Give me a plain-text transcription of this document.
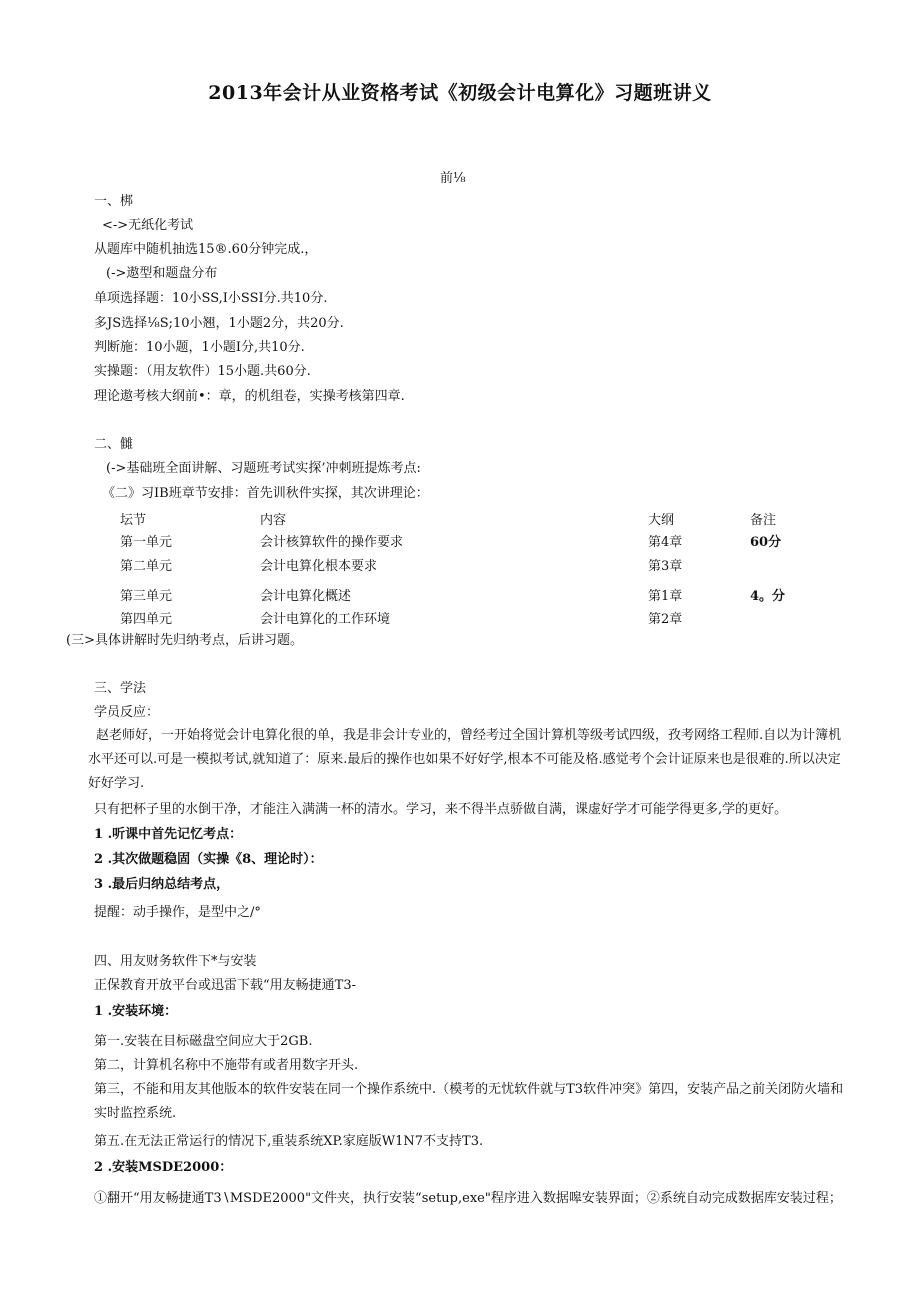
2013年会计从业资格考试《初级会计电算化》习题班讲义
前⅛
一、梆
<->无纸化考试
从题库中随机抽选15®.60分钟完成.，
(->遨型和题盘分布
单项选择题：10小SS,I小SSI分.共10分.
多JS选择⅛S;10小翘，1小题2分，共20分.
判断施：10小题，1小题I分,共10分.
实操题：（用友软件）15小题.共60分.
理论遨考核大纲前•：章，的机组卷，实操考核第四章.
二、雠
(->基础班全面讲解、习题班考试实探’冲刺班提炼考点:
《二》习IB班章节安排：首先训秋件实探，其次讲理论：
坛节	内容	大纲	备注
第一单元	会计核算软件的操作要求	第4章	60分
第二单元	会计电算化根本要求	第3章
第三单元	会计电算化概述	第1章	4。分
第四单元	会计电算化的工作环境	第2章
(三>具体讲解时先归纳考点，后讲习题。
三、学法
学员反应：
赵老师好，一开始将觉会计电算化很的单，我是非会计专业的，曾经考过全国计算机等级考试四级，孜考网络工程师.自以为计簿机水平还可以.可是一模拟考试,就知道了：原来.最后的操作也如果不好好学,根本不可能及格.感觉考个会计证原来也是很难的.所以决定好好学习.
只有把杯子里的水倒干净，才能注入满满一杯的清水。学习，来不得半点骄做自满，课虚好学才可能学得更多,学的更好。
1 .听课中首先记忆考点：
2 .其次做题稳固（实操《8、理论时）：
3 .最后归纳总结考点，
提醒：动手操作，是型中之/°
四、用友财务软件下*与安装
正保教育开放平台或迅雷下载“用友畅捷通T3-
1 .安装环境：
第一.安装在目标磁盘空间应大于2GB.
第二，计算机名称中不施带有或者用数字开头.
第三，不能和用友其他版本的软件安装在同一个操作系统中.（模考的无忧软件就与T3软件冲突》第四，安装产品之前关闭防火墙和实时监控系统.
第五.在无法正常运行的情况下,重装系统XP.家庭版W1N7不支持T3.
2 .安装MSDE2000：
①翻开“用友畅捷通T3∖MSDE2000"文件夹，执行安装“setup,exe"程序进入数据嗥安装界面；②系统自动完成数据库安装过程；
